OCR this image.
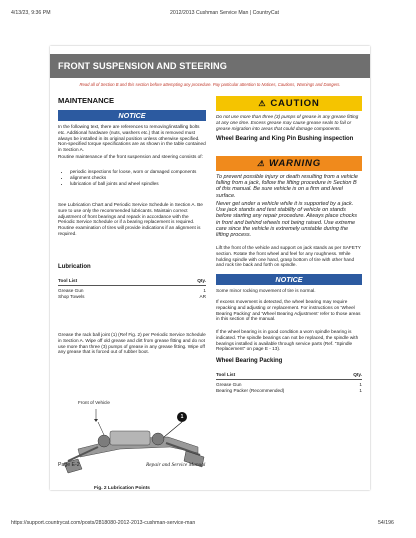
4/13/23, 9:36 PM	2012/2013 Cushman Service Man | CountryCat
FRONT SUSPENSION AND STEERING
Read all of Section B and this section before attempting any procedure. Pay particular attention to Notices, Cautions, Warnings and Dangers.
MAINTENANCE
NOTICE
In the following text, there are references to removing/installing bolts etc. Additional hardware (nuts, washers etc.) that is removed must always be installed in its original position unless otherwise specified. Non-specified torque specifications are as shown in the table contained in Section A.
Routine maintenance of the front suspension and steering consists of:
• periodic inspections for loose, worn or damaged components
• alignment checks
• lubrication of ball joints and wheel spindles
See Lubrication Chart and Periodic Service Schedule in Section A. Be sure to use only the recommended lubricants. Maintain correct adjustment of front bearings and repack in accordance with the Periodic Service Schedule or if a bearing replacement is required. Routine examination of tires will provide indications if an alignment is required.
Lubrication
Tool List	Qty.
Grease Gun	1
Shop Towels	AR
Grease the rack ball joint (1) (Ref Fig. 2) per Periodic Service Schedule in Section A. Wipe off old grease and dirt from grease fitting and do not use more than three (3) pumps of grease in any grease fitting. Wipe off any grease that is forced out of rubber boot.
Front of Vehicle
1
Fig. 2 Lubrication Points
⚠ CAUTION
Do not use more than three (3) pumps of grease in any grease fitting at any one time. Excess grease may cause grease seals to fail or grease migration into areas that could damage components.
Wheel Bearing and King Pin Bushing inspection
⚠ WARNING
To prevent possible injury or death resulting from a vehicle falling from a jack, follow the lifting procedure in Section B of this manual. Be sure vehicle is on a firm and level surface.
Never get under a vehicle while it is supported by a jack. Use jack stands and test stability of vehicle on stands before starting any repair procedure. Always place chocks in front and behind wheels not being raised. Use extreme care since the vehicle is extremely unstable during the lifting process.
Lift the front of the vehicle and support on jack stands as per SAFETY section. Rotate the front wheel and feel for any roughness. While holding spindle with one hand, grasp bottom of tire with other hand and rock tire back and forth on spindle.
NOTICE
Some minor rocking movement of tire is normal.
If excess movement is detected, the wheel bearing may require repacking and adjusting or replacement. For instructions on 'Wheel Bearing Packing' and 'Wheel Bearing Adjustment' refer to those areas in this section of the manual.
If the wheel bearing is in good condition a worn spindle bearing is indicated. The spindle bearings can not be replaced, the spindle with bearings installed is available through service parts (Ref. "Spindle Replacement" on page E - 13).
Wheel Bearing Packing
Tool List	Qty.
Grease Gun	1
Bearing Packer (Recommended)	1
Page E-2	Repair and Service Manual
https://support.countrycat.com/posts/2818080-2012-2013-cushman-service-man	54/196
